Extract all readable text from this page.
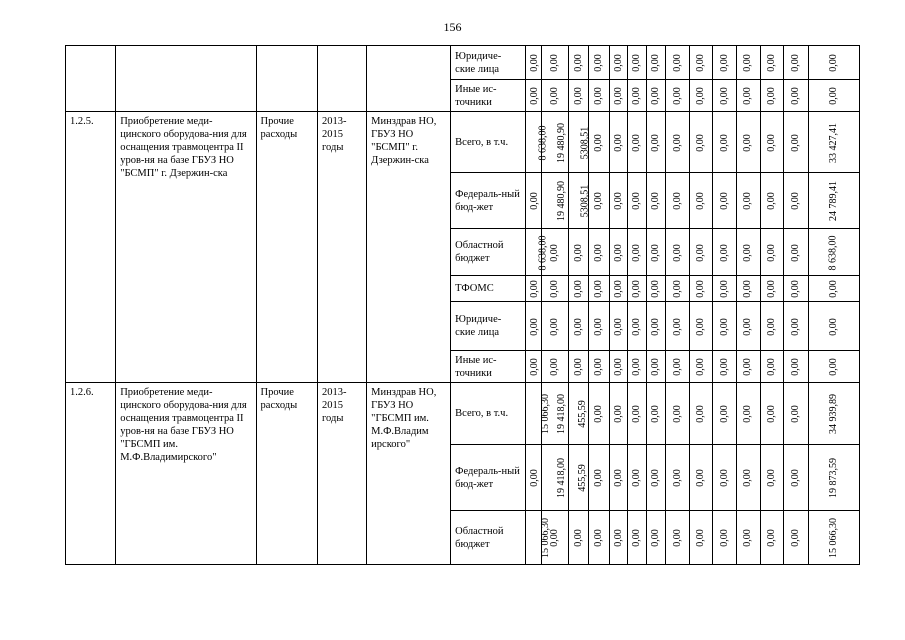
156
					Юридиче-ские лица	0,00	0,00	0,00	0,00	0,00	0,00	0,00	0,00	0,00	0,00	0,00	0,00	0,00	0,00
					Иные ис-точники	0,00	0,00	0,00	0,00	0,00	0,00	0,00	0,00	0,00	0,00	0,00	0,00	0,00	0,00
1.2.5.	Приобретение меди-цинского оборудова-ния для оснащения травмоцентра II уров-ня на базе ГБУЗ НО "БСМП" г. Дзержин-ска	Прочие расходы	2013-2015 годы	Минздрав НО, ГБУЗ НО "БСМП" г. Дзержин-ска	Всего, в т.ч.	8 638,00	19 480,90	5308,51	0,00	0,00	0,00	0,00	0,00	0,00	0,00	0,00	0,00	0,00	33 427,41
					Федераль-ный бюд-жет	0,00	19 480,90	5308,51	0,00	0,00	0,00	0,00	0,00	0,00	0,00	0,00	0,00	0,00	24 789,41
					Областной бюджет	8 638,00	0,00	0,00	0,00	0,00	0,00	0,00	0,00	0,00	0,00	0,00	0,00	0,00	8 638,00
					ТФОМС	0,00	0,00	0,00	0,00	0,00	0,00	0,00	0,00	0,00	0,00	0,00	0,00	0,00	0,00
					Юридиче-ские лица	0,00	0,00	0,00	0,00	0,00	0,00	0,00	0,00	0,00	0,00	0,00	0,00	0,00	0,00
					Иные ис-точники	0,00	0,00	0,00	0,00	0,00	0,00	0,00	0,00	0,00	0,00	0,00	0,00	0,00	0,00
1.2.6.	Приобретение меди-цинского оборудова-ния для оснащения травмоцентра II уров-ня на базе ГБУЗ НО "ГБСМП им. М.Ф.Владимирского"	Прочие расходы	2013-2015 годы	Минздрав НО, ГБУЗ НО "ГБСМП им. М.Ф.Владим ирского"	Всего, в т.ч.	15 066,30	19 418,00	455,59	0,00	0,00	0,00	0,00	0,00	0,00	0,00	0,00	0,00	0,00	34 939,89
					Федераль-ный бюд-жет	0,00	19 418,00	455,59	0,00	0,00	0,00	0,00	0,00	0,00	0,00	0,00	0,00	0,00	19 873,59
					Областной бюджет	15 066,30	0,00	0,00	0,00	0,00	0,00	0,00	0,00	0,00	0,00	0,00	0,00	0,00	15 066,30
